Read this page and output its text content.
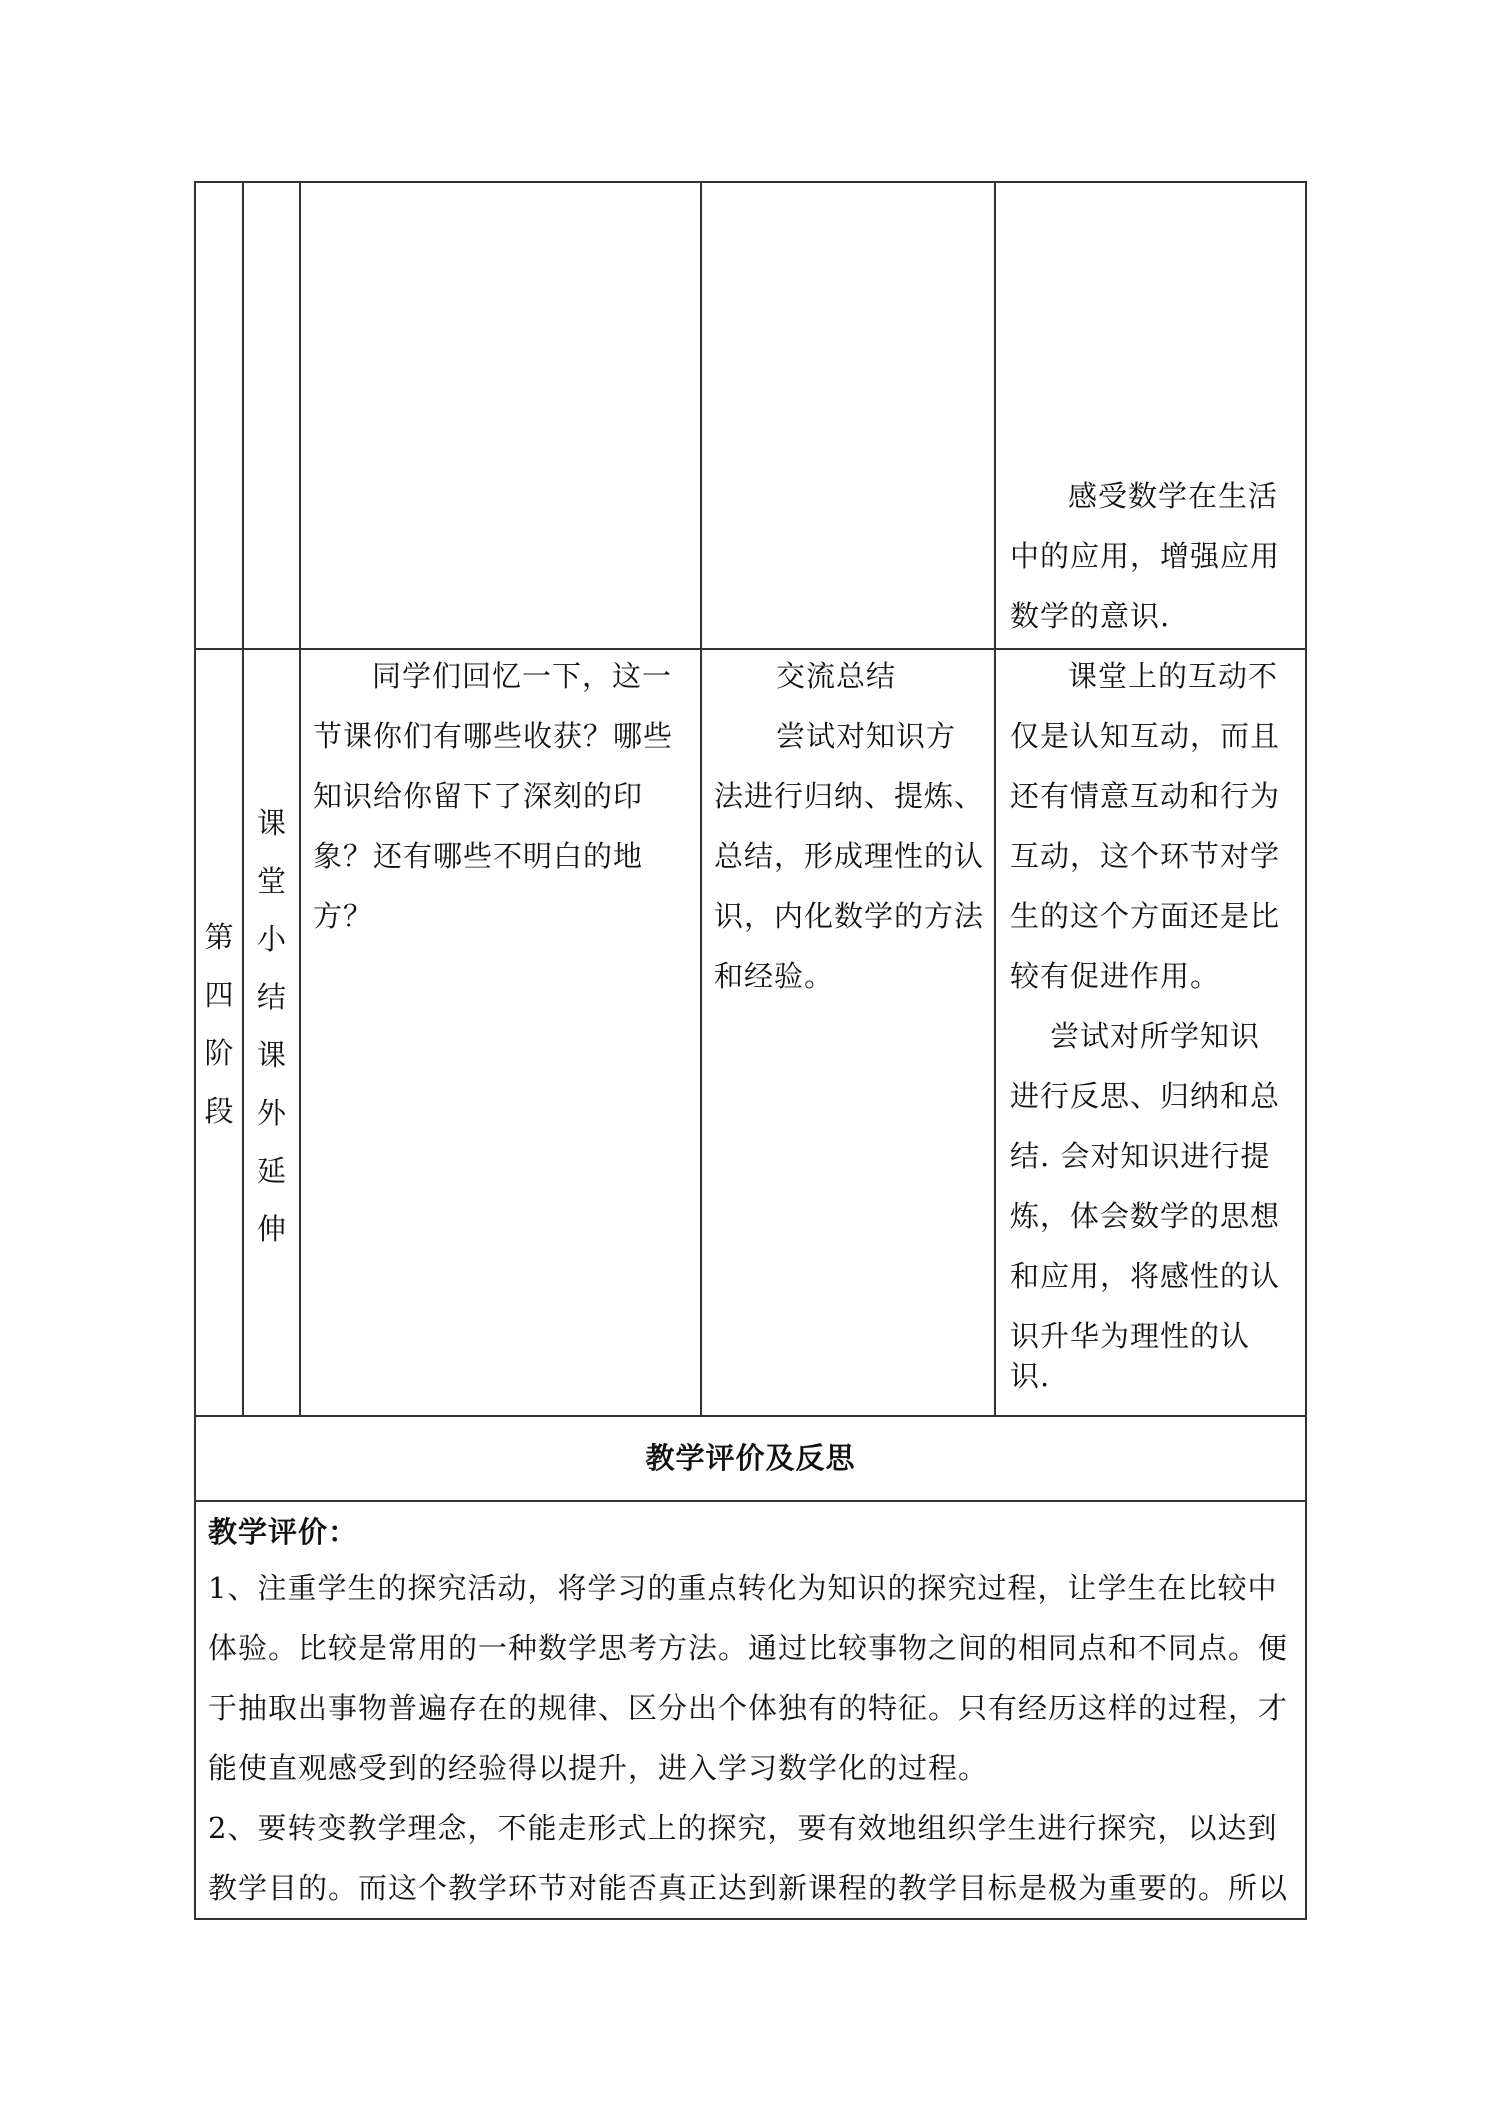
感受数学在生活
中的应用，增强应用
数学的意识.
第
四
阶
段
课
堂
小
结
课
外
延
伸
同学们回忆一下，这一
节课你们有哪些收获？哪些
知识给你留下了深刻的印
象？还有哪些不明白的地
方？
交流总结
尝试对知识方
法进行归纳、提炼、
总结，形成理性的认
识，内化数学的方法
和经验。
课堂上的互动不
仅是认知互动，而且
还有情意互动和行为
互动，这个环节对学
生的这个方面还是比
较有促进作用。
尝试对所学知识
进行反思、归纳和总
结. 会对知识进行提
炼，体会数学的思想
和应用，将感性的认
识升华为理性的认
识.
教学评价及反思
教学评价：
1、注重学生的探究活动，将学习的重点转化为知识的探究过程，让学生在比较中
体验。比较是常用的一种数学思考方法。通过比较事物之间的相同点和不同点。便
于抽取出事物普遍存在的规律、区分出个体独有的特征。只有经历这样的过程，才
能使直观感受到的经验得以提升，进入学习数学化的过程。
2、要转变教学理念，不能走形式上的探究，要有效地组织学生进行探究，以达到
教学目的。而这个教学环节对能否真正达到新课程的教学目标是极为重要的。所以
